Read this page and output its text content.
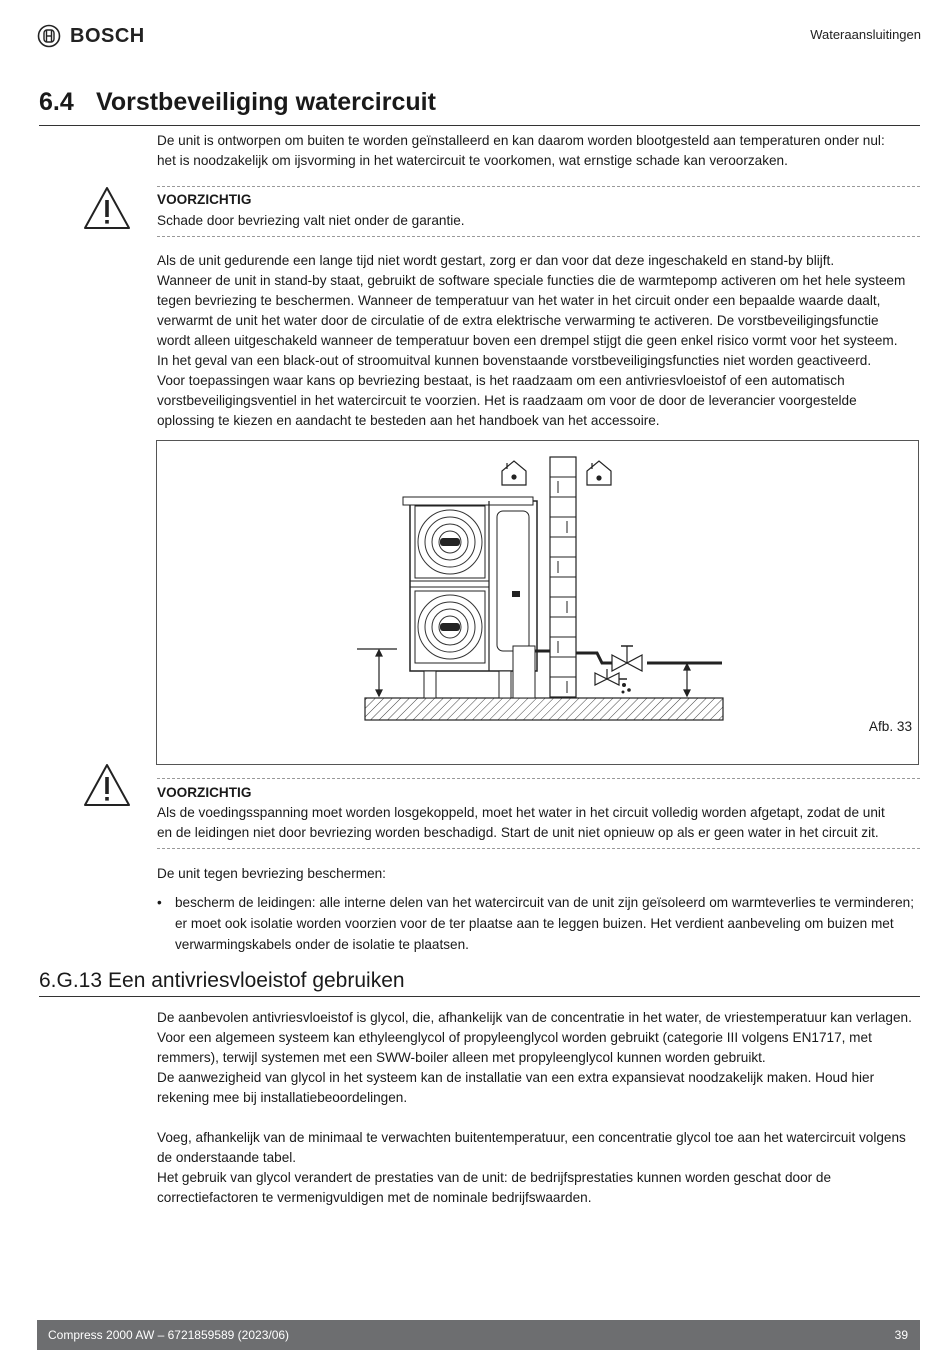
BOSCH	Wateraansluitingen
6.4 Vorstbeveiliging watercircuit
De unit is ontworpen om buiten te worden geïnstalleerd en kan daarom worden blootgesteld aan temperaturen onder nul:
het is noodzakelijk om ijsvorming in het watercircuit te voorkomen, wat ernstige schade kan veroorzaken.
VOORZICHTIG
Schade door bevriezing valt niet onder de garantie.
Als de unit gedurende een lange tijd niet wordt gestart, zorg er dan voor dat deze ingeschakeld en stand-by blijft.
Wanneer de unit in stand-by staat, gebruikt de software speciale functies die de warmtepomp activeren om het hele systeem
tegen bevriezing te beschermen. Wanneer de temperatuur van het water in het circuit onder een bepaalde waarde daalt,
verwarmt de unit het water door de circulatie of de extra elektrische verwarming te activeren. De vorstbeveiligingsfunctie
wordt alleen uitgeschakeld wanneer de temperatuur boven een drempel stijgt die geen enkel risico vormt voor het systeem.
In het geval van een black-out of stroomuitval kunnen bovenstaande vorstbeveiligingsfuncties niet worden geactiveerd.
Voor toepassingen waar kans op bevriezing bestaat, is het raadzaam om een antivriesvloeistof of een automatisch
vorstbeveiligingsventiel in het watercircuit te voorzien. Het is raadzaam om voor de door de leverancier voorgestelde
oplossing te kiezen en aandacht te besteden aan het handboek van het accessoire.
Afb. 33
VOORZICHTIG
Als de voedingsspanning moet worden losgekoppeld, moet het water in het circuit volledig worden afgetapt, zodat de unit
en de leidingen niet door bevriezing worden beschadigd. Start de unit niet opnieuw op als er geen water in het circuit zit.
De unit tegen bevriezing beschermen:
• bescherm de leidingen: alle interne delen van het watercircuit van de unit zijn geïsoleerd om warmteverlies te verminderen;
er moet ook isolatie worden voorzien voor de ter plaatse aan te leggen buizen. Het verdient aanbeveling om buizen met
verwarmingskabels onder de isolatie te plaatsen.
6.G.13 Een antivriesvloeistof gebruiken
De aanbevolen antivriesvloeistof is glycol, die, afhankelijk van de concentratie in het water, de vriestemperatuur kan verlagen.
Voor een algemeen systeem kan ethyleenglycol of propyleenglycol worden gebruikt (categorie III volgens EN1717, met
remmers), terwijl systemen met een SWW-boiler alleen met propyleenglycol kunnen worden gebruikt.
De aanwezigheid van glycol in het systeem kan de installatie van een extra expansievat noodzakelijk maken. Houd hier
rekening mee bij installatiebeoordelingen.
Voeg, afhankelijk van de minimaal te verwachten buitentemperatuur, een concentratie glycol toe aan het watercircuit volgens
de onderstaande tabel.
Het gebruik van glycol verandert de prestaties van de unit: de bedrijfsprestaties kunnen worden geschat door de
correctiefactoren te vermenigvuldigen met de nominale bedrijfswaarden.
Compress 2000 AW – 6721859589 (2023/06)	39
